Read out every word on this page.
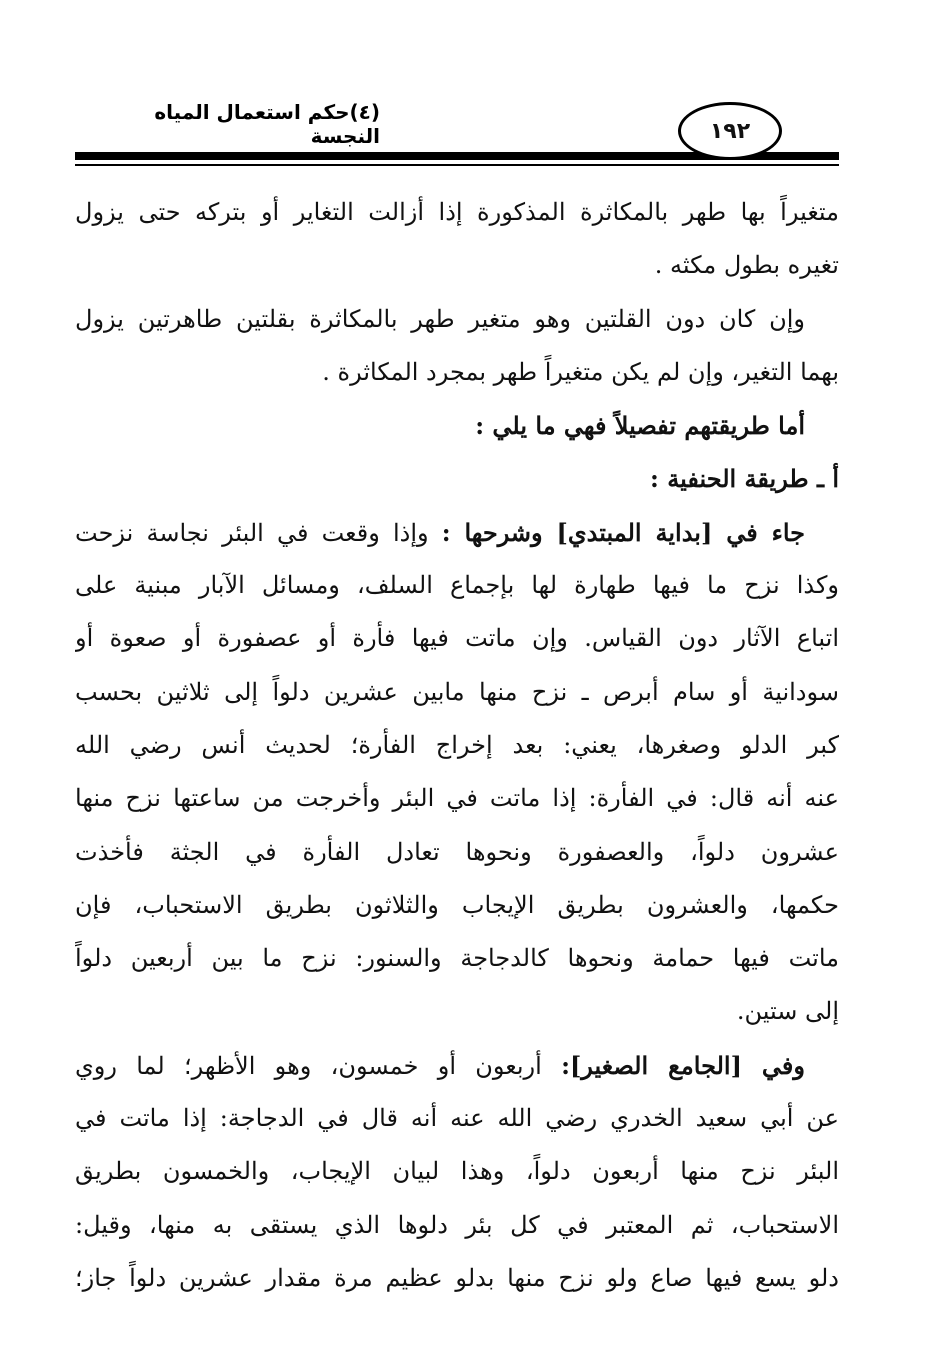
(٤)حكم استعمال المياه النجسة	١٩٢
متغيراً بها طهر بالمكاثرة المذكورة إذا أزالت التغاير أو بتركه حتى يزول
تغيره بطول مكثه .
وإن كان دون القلتين وهو متغير طهر بالمكاثرة بقلتين طاهرتين يزول
بهما التغير، وإن لم يكن متغيراً طهر بمجرد المكاثرة .
أما طريقتهم تفصيلاً فهي ما يلي :
أ ـ طريقة الحنفية :
جاء في [بداية المبتدي] وشرحها : وإذا وقعت في البئر نجاسة نزحت
وكذا نزح ما فيها طهارة لها بإجماع السلف، ومسائل الآبار مبنية على
اتباع الآثار دون القياس. وإن ماتت فيها فأرة أو عصفورة أو صعوة أو
سودانية أو سام أبرص ـ نزح منها مابين عشرين دلواً إلى ثلاثين بحسب
كبر الدلو وصغرها، يعني: بعد إخراج الفأرة؛ لحديث أنس رضي الله
عنه أنه قال: في الفأرة: إذا ماتت في البئر وأخرجت من ساعتها نزح منها
عشرون دلواً، والعصفورة ونحوها تعادل الفأرة في الجثة فأخذت
حكمها، والعشرون بطريق الإيجاب والثلاثون بطريق الاستحباب، فإن
ماتت فيها حمامة ونحوها كالدجاجة والسنور: نزح ما بين أربعين دلواً
إلى ستين.
وفي [الجامع الصغير]: أربعون أو خمسون، وهو الأظهر؛ لما روي
عن أبي سعيد الخدري رضي الله عنه أنه قال في الدجاجة: إذا ماتت في
البئر نزح منها أربعون دلواً، وهذا لبيان الإيجاب، والخمسون بطريق
الاستحباب، ثم المعتبر في كل بئر دلوها الذي يستقى به منها، وقيل:
دلو يسع فيها صاع ولو نزح منها بدلو عظيم مرة مقدار عشرين دلواً جاز؛
